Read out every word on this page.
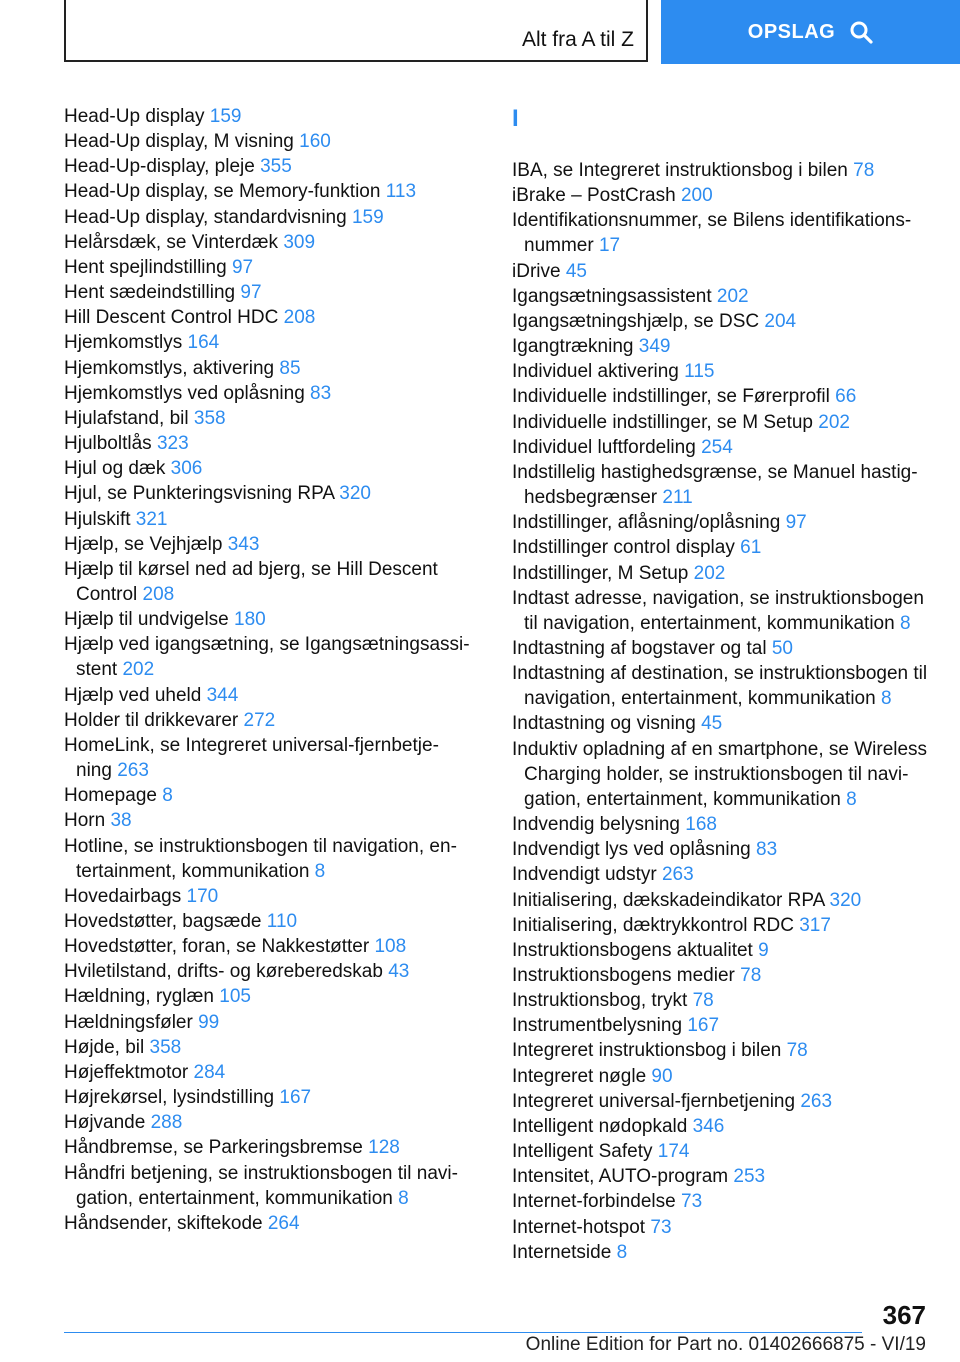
Alt fra A til Z	OPSLAG
Head-Up display 159
Head-Up display, M visning 160
Head-Up-display, pleje 355
Head-Up display, se Memory-funktion 113
Head-Up display, standardvisning 159
Helårsdæk, se Vinterdæk 309
Hent spejlindstilling 97
Hent sædeindstilling 97
Hill Descent Control HDC 208
Hjemkomstlys 164
Hjemkomstlys, aktivering 85
Hjemkomstlys ved oplåsning 83
Hjulafstand, bil 358
Hjulboltlås 323
Hjul og dæk 306
Hjul, se Punkteringsvisning RPA 320
Hjulskift 321
Hjælp, se Vejhjælp 343
Hjælp til kørsel ned ad bjerg, se Hill Descent Control 208
Hjælp til undvigelse 180
Hjælp ved igangsætning, se Igangsætningsassi-stent 202
Hjælp ved uheld 344
Holder til drikkevarer 272
HomeLink, se Integreret universal-fjernbetje-ning 263
Homepage 8
Horn 38
Hotline, se instruktionsbogen til navigation, en-tertainment, kommunikation 8
Hovedairbags 170
Hovedstøtter, bagsæde 110
Hovedstøtter, foran, se Nakkestøtter 108
Hviletilstand, drifts- og køreberedskab 43
Hældning, ryglæn 105
Hældningsføler 99
Højde, bil 358
Højeffektmotor 284
Højrekørsel, lysindstilling 167
Højvande 288
Håndbremse, se Parkeringsbremse 128
Håndfri betjening, se instruktionsbogen til navi-gation, entertainment, kommunikation 8
Håndsender, skiftekode 264
I
IBA, se Integreret instruktionsbog i bilen 78
iBrake – PostCrash 200
Identifikationsnummer, se Bilens identifikations-nummer 17
iDrive 45
Igangsætningsassistent 202
Igangsætningshjælp, se DSC 204
Igangtrækning 349
Individuel aktivering 115
Individuelle indstillinger, se Førerprofil 66
Individuelle indstillinger, se M Setup 202
Individuel luftfordeling 254
Indstillelig hastighedsgrænse, se Manuel hastig-hedsbegrænser 211
Indstillinger, aflåsning/oplåsning 97
Indstillinger control display 61
Indstillinger, M Setup 202
Indtast adresse, navigation, se instruktionsbogen til navigation, entertainment, kommunikation 8
Indtastning af bogstaver og tal 50
Indtastning af destination, se instruktionsbogen til navigation, entertainment, kommunikation 8
Indtastning og visning 45
Induktiv opladning af en smartphone, se Wireless Charging holder, se instruktionsbogen til navi-gation, entertainment, kommunikation 8
Indvendig belysning 168
Indvendigt lys ved oplåsning 83
Indvendigt udstyr 263
Initialisering, dækskadeindikator RPA 320
Initialisering, dæktrykkontrol RDC 317
Instruktionsbogens aktualitet 9
Instruktionsbogens medier 78
Instruktionsbog, trykt 78
Instrumentbelysning 167
Integreret instruktionsbog i bilen 78
Integreret nøgle 90
Integreret universal-fjernbetjening 263
Intelligent nødopkald 346
Intelligent Safety 174
Intensitet, AUTO-program 253
Internet-forbindelse 73
Internet-hotspot 73
Internetside 8
367
Online Edition for Part no. 01402666875 - VI/19
